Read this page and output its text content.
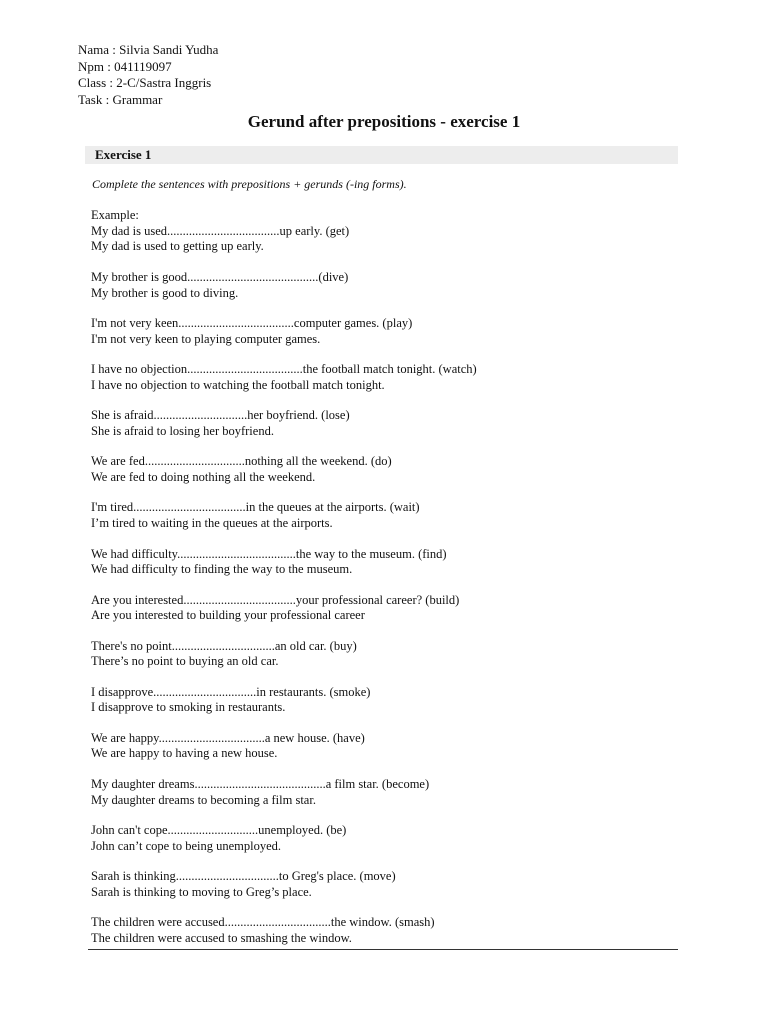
Nama : Silvia Sandi Yudha
Npm : 041119097
Class : 2-C/Sastra Inggris
Task : Grammar
Gerund after prepositions - exercise 1
Exercise 1
Complete the sentences with prepositions + gerunds (-ing forms).
Example:
My dad is used....................................up early. (get)
My dad is used to getting up early.
My brother is good..........................................(dive)
My brother is good to diving.
I'm not very keen.....................................computer games. (play)
I'm not very keen to playing computer games.
I have no objection.....................................the football match tonight. (watch)
I have no objection to watching the football match tonight.
She is afraid..............................her boyfriend. (lose)
She is afraid to losing her boyfriend.
We are fed................................nothing all the weekend. (do)
We are fed to doing nothing all the weekend.
I'm tired....................................in the queues at the airports. (wait)
I’m tired to waiting in the queues at the airports.
We had difficulty......................................the way to the museum. (find)
We had difficulty to finding the way to the museum.
Are you interested....................................your professional career? (build)
Are you interested to building your professional career
There's no point.................................an old car. (buy)
There’s no point to buying an old car.
I disapprove.................................in restaurants. (smoke)
I disapprove to smoking in restaurants.
We are happy..................................a new house. (have)
We are happy to having a new house.
My daughter dreams..........................................a film star. (become)
My daughter dreams to becoming a film star.
John can't cope.............................unemployed. (be)
John can’t cope to being unemployed.
Sarah is thinking.................................to Greg's place. (move)
Sarah is thinking to moving to Greg’s place.
The children were accused..................................the window. (smash)
The children were accused to smashing the window.
